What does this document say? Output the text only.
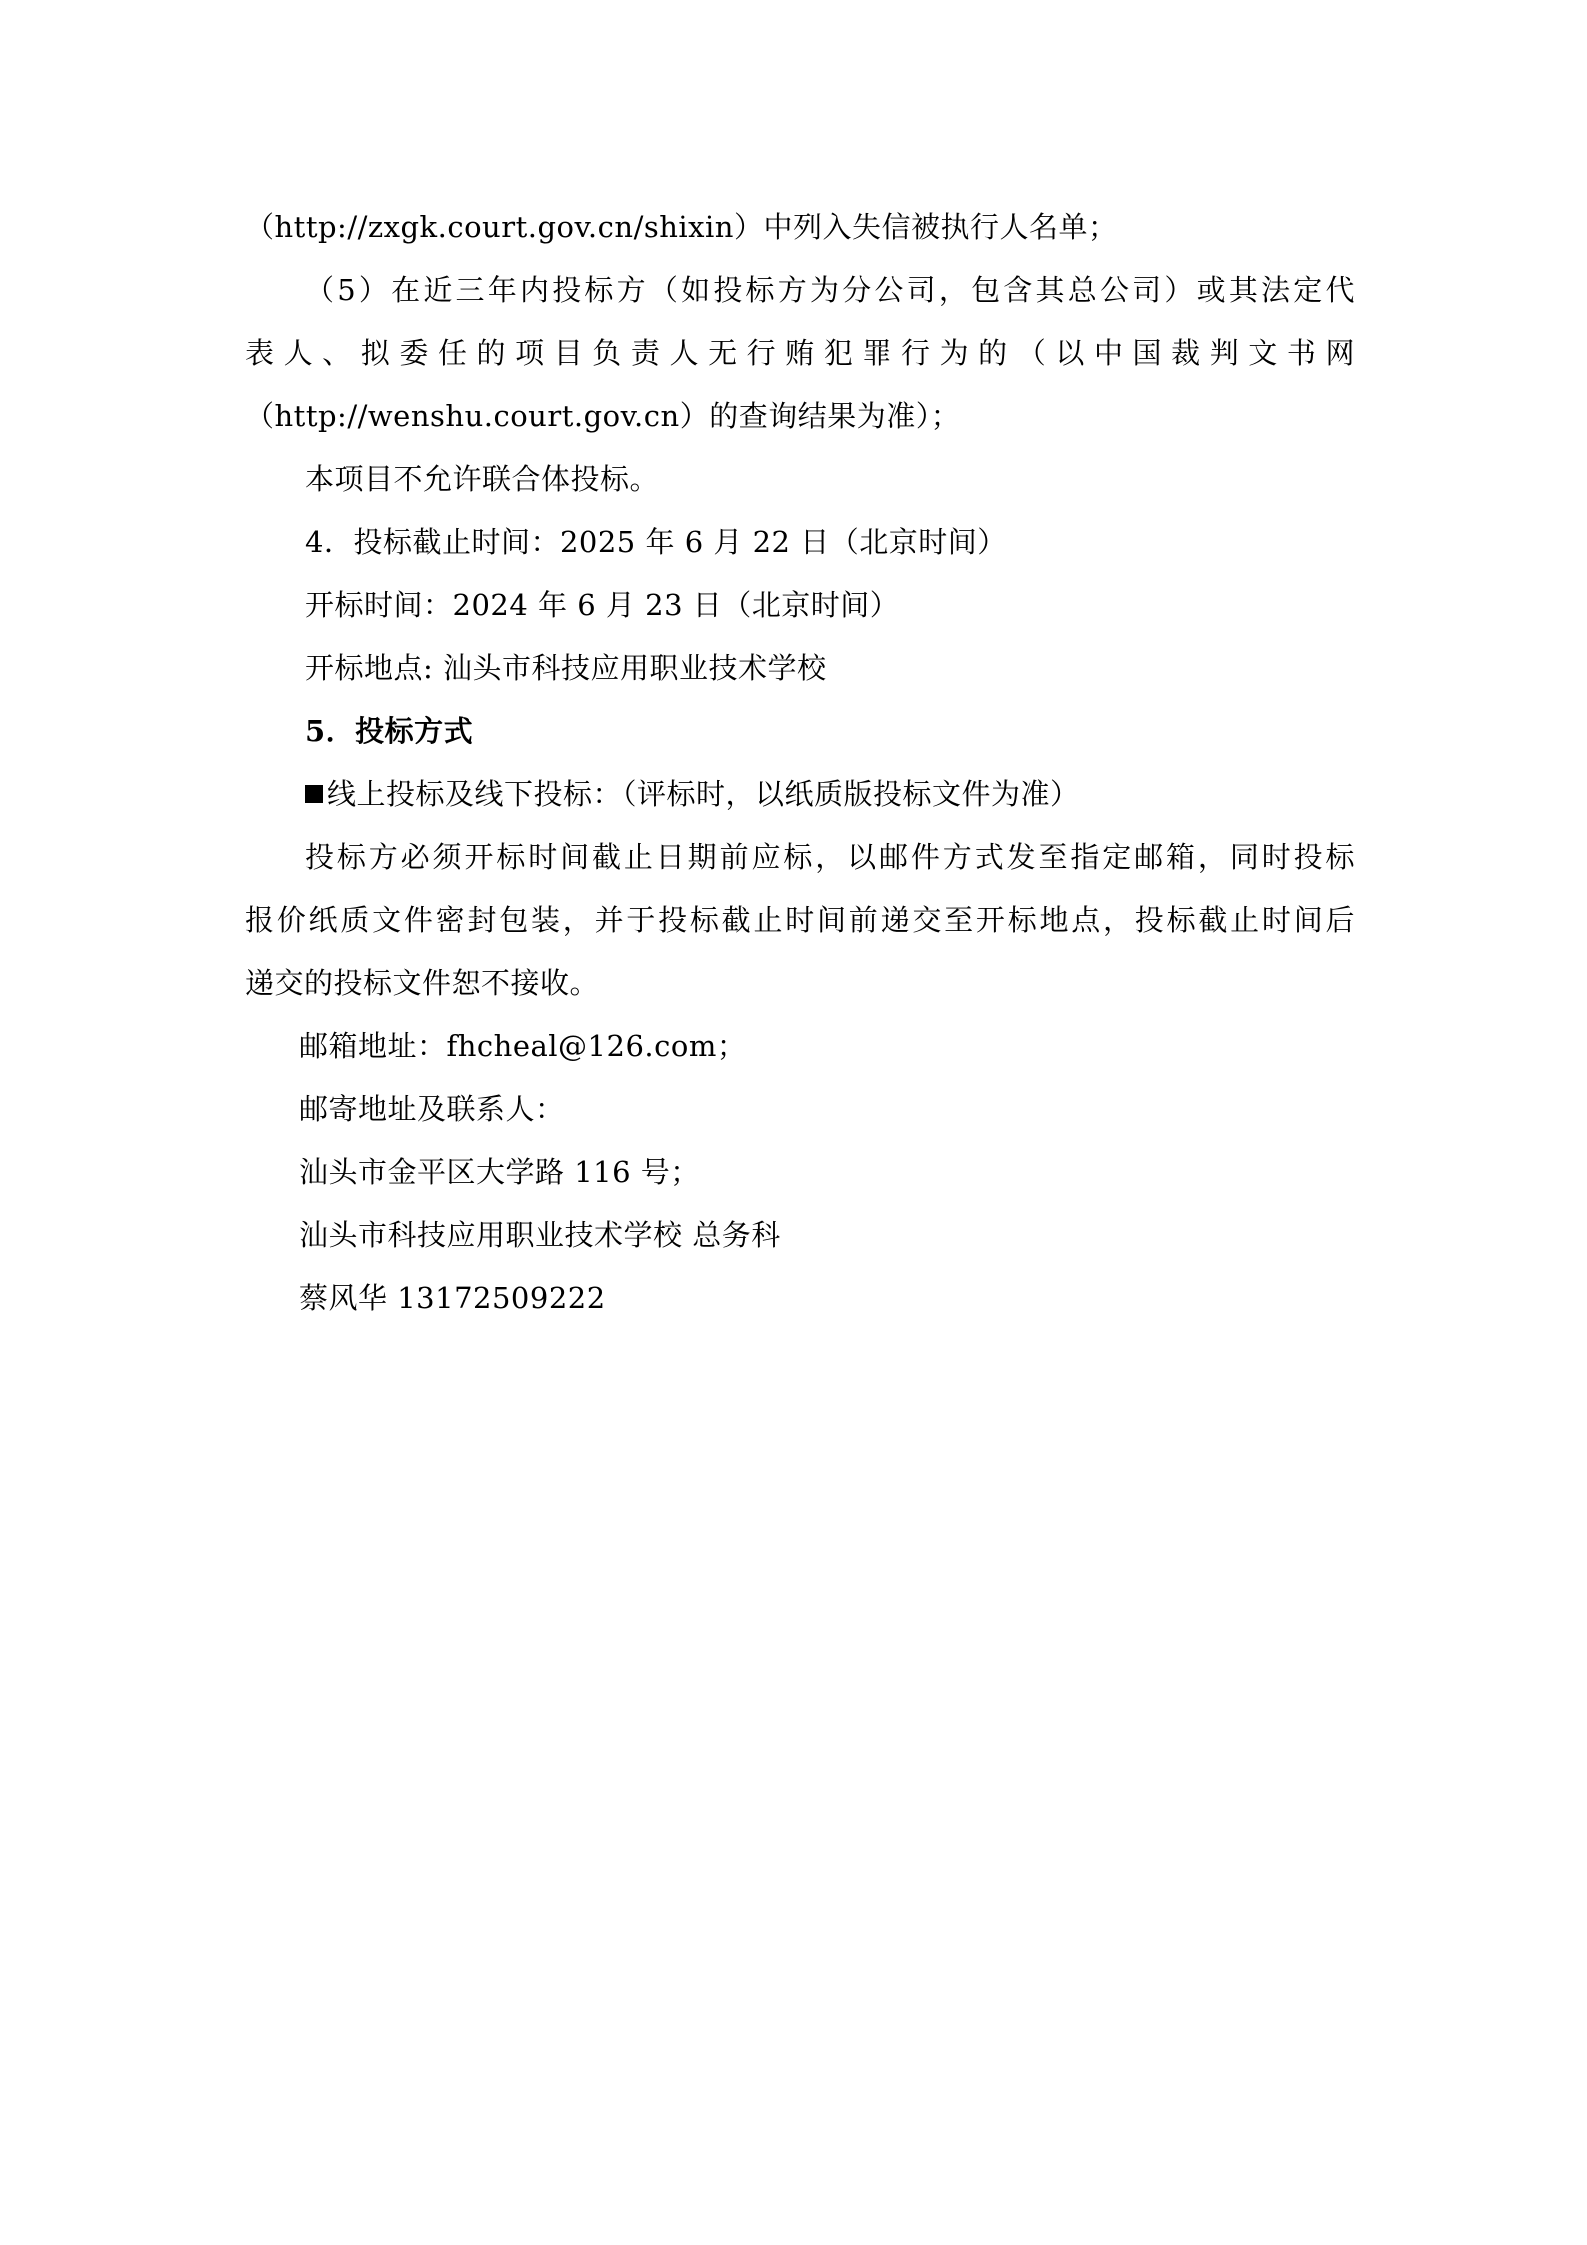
（http://zxgk.court.gov.cn/shixin）中列入失信被执行人名单；
（5）在近三年内投标方（如投标方为分公司，包含其总公司）或其法定代
表人、拟委任的项目负责人无行贿犯罪行为的（以中国裁判文书网
（http://wenshu.court.gov.cn）的查询结果为准）；
本项目不允许联合体投标。
4．投标截止时间：2025 年 6 月 22 日（北京时间）
开标时间：2024 年 6 月 23 日（北京时间）
开标地点: 汕头市科技应用职业技术学校
5．投标方式
线上投标及线下投标：（评标时，以纸质版投标文件为准）
投标方必须开标时间截止日期前应标，以邮件方式发至指定邮箱，同时投标
报价纸质文件密封包装，并于投标截止时间前递交至开标地点，投标截止时间后
递交的投标文件恕不接收。
邮箱地址：fhcheal@126.com；
邮寄地址及联系人：
汕头市金平区大学路 116 号；
汕头市科技应用职业技术学校 总务科
蔡风华 13172509222
